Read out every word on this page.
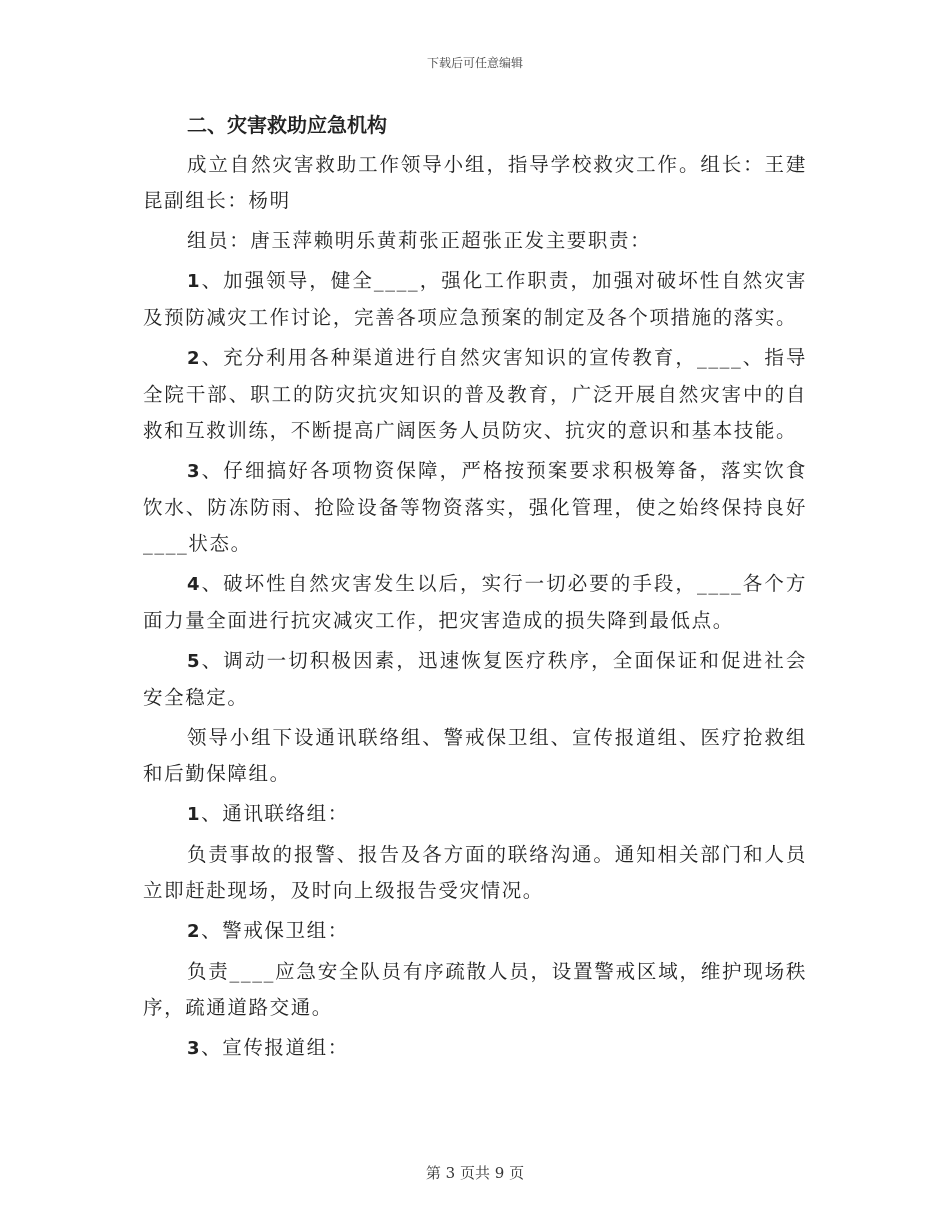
下载后可任意编辑
二、灾害救助应急机构

成立自然灾害救助工作领导小组，指导学校救灾工作。组长：王建昆副组长：杨明

组员：唐玉萍赖明乐黄莉张正超张正发主要职责：

1、加强领导，健全____，强化工作职责，加强对破坏性自然灾害及预防减灾工作讨论，完善各项应急预案的制定及各个项措施的落实。

2、充分利用各种渠道进行自然灾害知识的宣传教育，____、指导全院干部、职工的防灾抗灾知识的普及教育，广泛开展自然灾害中的自救和互救训练，不断提高广阔医务人员防灾、抗灾的意识和基本技能。

3、仔细搞好各项物资保障，严格按预案要求积极筹备，落实饮食饮水、防冻防雨、抢险设备等物资落实，强化管理，使之始终保持良好____状态。

4、破坏性自然灾害发生以后，实行一切必要的手段，____各个方面力量全面进行抗灾减灾工作，把灾害造成的损失降到最低点。

5、调动一切积极因素，迅速恢复医疗秩序，全面保证和促进社会安全稳定。

领导小组下设通讯联络组、警戒保卫组、宣传报道组、医疗抢救组和后勤保障组。

1、通讯联络组：

负责事故的报警、报告及各方面的联络沟通。通知相关部门和人员立即赶赴现场，及时向上级报告受灾情况。

2、警戒保卫组：

负责____应急安全队员有序疏散人员，设置警戒区域，维护现场秩序，疏通道路交通。

3、宣传报道组：

第 3 页共 9 页
